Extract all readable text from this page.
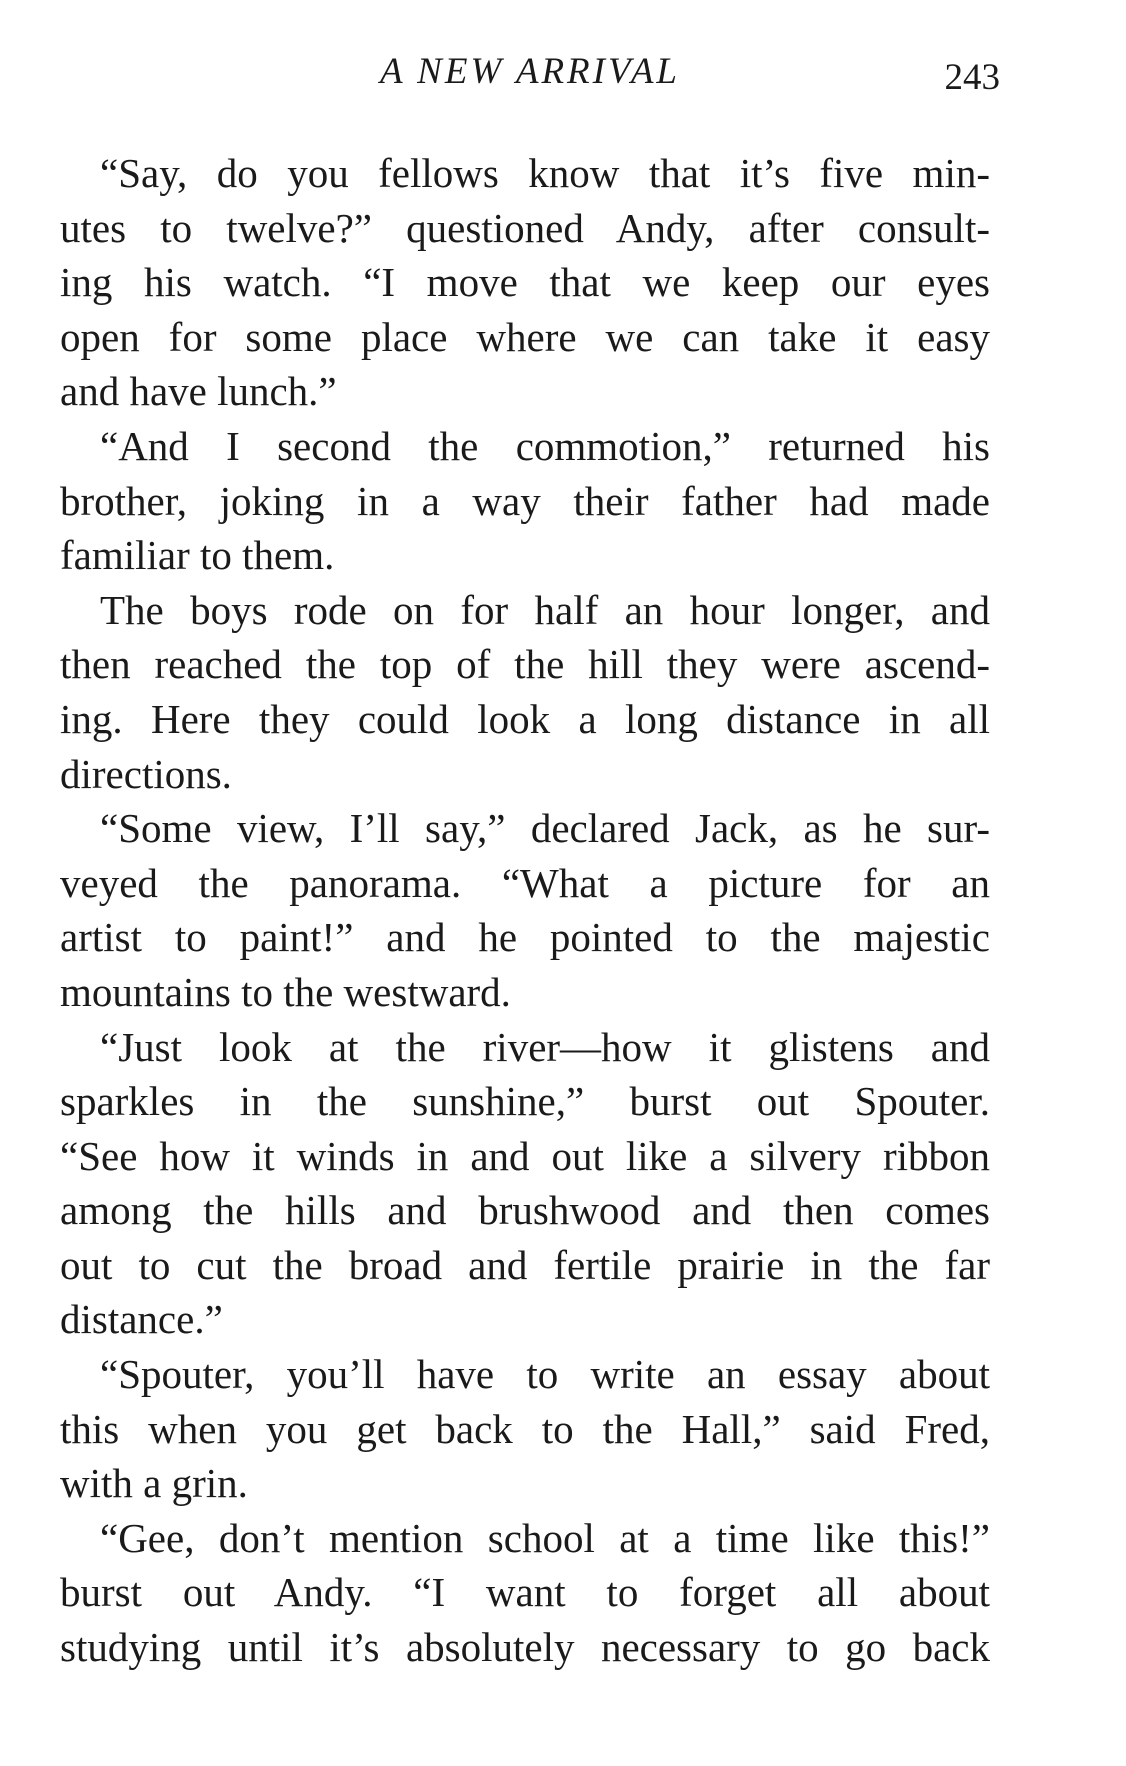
A NEW ARRIVAL	243
“Say, do you fellows know that it’s five min-
utes to twelve?” questioned Andy, after consult-
ing his watch. “I move that we keep our eyes
open for some place where we can take it easy
and have lunch.”
“And I second the commotion,” returned his
brother, joking in a way their father had made
familiar to them.
The boys rode on for half an hour longer, and
then reached the top of the hill they were ascend-
ing. Here they could look a long distance in all
directions.
“Some view, I’ll say,” declared Jack, as he sur-
veyed the panorama. “What a picture for an
artist to paint!” and he pointed to the majestic
mountains to the westward.
“Just look at the river—how it glistens and
sparkles in the sunshine,” burst out Spouter.
“See how it winds in and out like a silvery ribbon
among the hills and brushwood and then comes
out to cut the broad and fertile prairie in the far
distance.”
“Spouter, you’ll have to write an essay about
this when you get back to the Hall,” said Fred,
with a grin.
“Gee, don’t mention school at a time like this!”
burst out Andy. “I want to forget all about
studying until it’s absolutely necessary to go back
